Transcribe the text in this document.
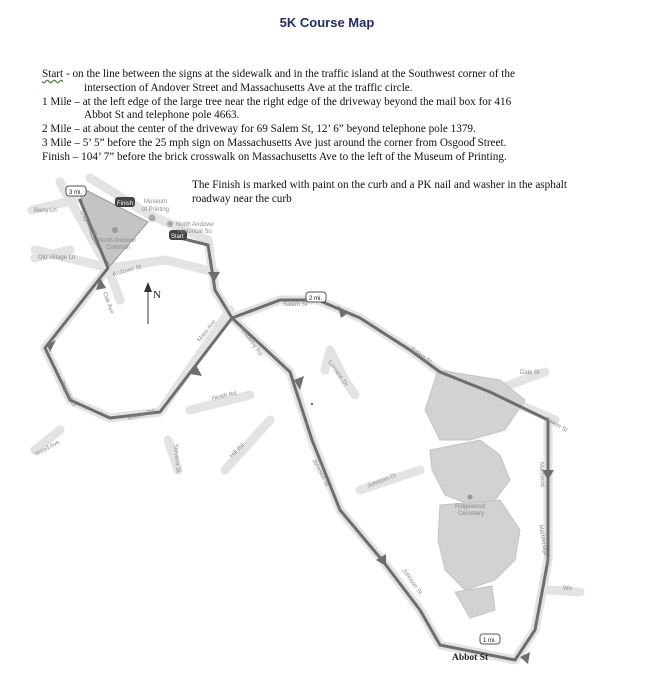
5K Course Map

Start - on the line between the signs at the sidewalk and in the traffic island at the Southwest corner of the

intersection of Andover Street and Massachusetts Ave at the traffic circle.

1 Mile – at the left edge of the large tree near the right edge of the driveway beyond the mail box for 416

Abbot St and telephone pole 4663.

2 Mile – at about the center of the driveway for 69 Salem St, 12’ 6” beyond telephone pole 1379.

3 Mile – 5’ 5” before the 25 mph sign on Massachusetts Ave just around the corner from Osgood Street.

Finish – 104’ 7” before the brick crosswalk on Massachusetts Ave to the left of the Museum of Printing.

The Finish is marked with paint on the curb and a PK nail and washer in the asphalt roadway near the curb
N
3 mi.
2 mi.
1 mi.
Finish
Start
Museum
of Printing
North Andover
Historical So
North Andover
Common
Ridgewood
Cemetery
Osgood St
Berry Ln
Old Village Ln
Andover St
Oak Ave	Salem St
Salem St
Salem St
Dale St
Academy Rd
Mass Ave
Osgood St
Walker Rd
Wood Ave
Heath Rd
Hill Rd
Stevens St
Lorraine Dr
Johnson Ct
Johnson St	Marblerid
Marbleridge Rd
Johnson St	Wo
Abbot St
